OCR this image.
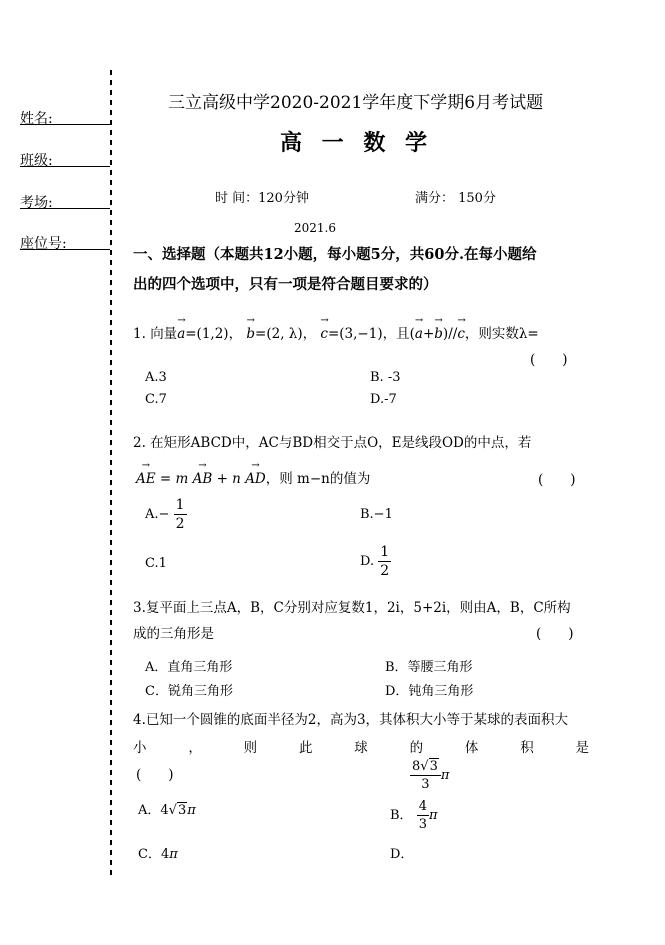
姓名:
班级:
考场:
座位号:
三立高级中学2020-2021学年度下学期6月考试题
高 一 数 学
时 间：120分钟	满分： 150分
2021.6
一、选择题（本题共12小题，每小题5分，共60分.在每小题给
出的四个选项中，只有一项是符合题目要求的）
1. 向量→ a=(1,2)， → b=(2, λ)， → c=(3,−1)，且(→ a+→ b)//→ c，则实数λ=
(　　)
A.3	B. -3
C.7	D.-7
2. 在矩形ABCD中，AC与BD相交于点O，E是线段OD的中点，若
→ AE = m → AB + n → AD，则 m−n的值为	(　　)
$A.- \frac{1}{2}$	B.−1
C.1	D. $\frac{1}{2}$
3.复平面上三点A，B，C分别对应复数1，2i，5+2i，则由A，B，C所构
成的三角形是	(　　)
A．直角三角形	B．等腰三角形
C．锐角三角形	D．钝角三角形
4.已知一个圆锥的底面半径为2，高为3，其体积大小等于某球的表面积大
小	，	则	此	球	的	体	积	是
(　　)	$\frac{8√3}{3}$ π
A．4√3π	B． $\frac{4}{3}$ π
C．4π	D．
